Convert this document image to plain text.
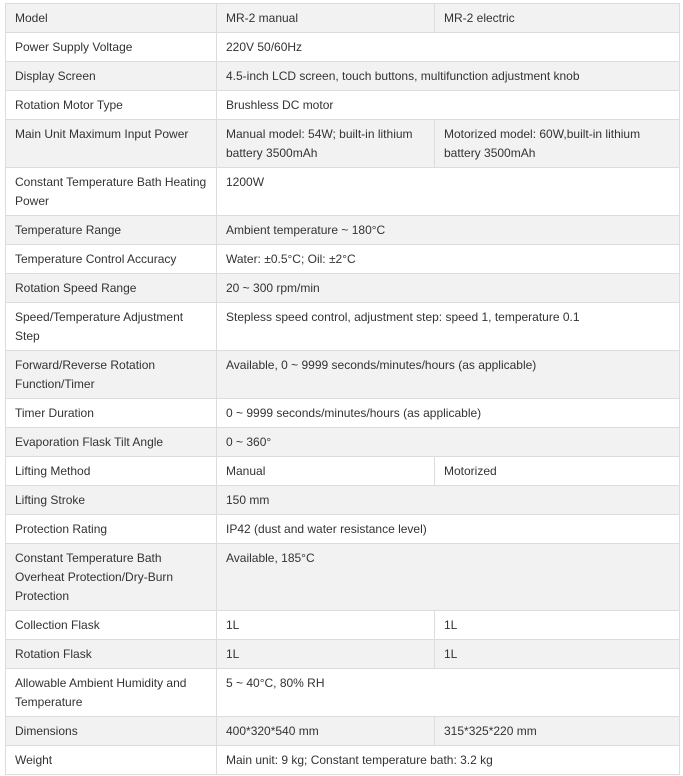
Model	MR-2 manual	MR-2 electric
Power Supply Voltage	220V 50/60Hz	
Display Screen	4.5-inch LCD screen, touch buttons, multifunction adjustment knob	
Rotation Motor Type	Brushless DC motor	
Main Unit Maximum Input Power	Manual model: 54W; built-in lithium battery 3500mAh	Motorized model: 60W,built-in lithium battery 3500mAh
Constant Temperature Bath Heating Power	1200W	
Temperature Range	Ambient temperature ~ 180°C	
Temperature Control Accuracy	Water: ±0.5°C; Oil: ±2°C	
Rotation Speed Range	20 ~ 300 rpm/min	
Speed/Temperature Adjustment Step	Stepless speed control, adjustment step: speed 1, temperature 0.1	
Forward/Reverse Rotation Function/Timer	Available, 0 ~ 9999 seconds/minutes/hours (as applicable)	
Timer Duration	0 ~ 9999 seconds/minutes/hours (as applicable)	
Evaporation Flask Tilt Angle	0 ~ 360°	
Lifting Method	Manual	Motorized
Lifting Stroke	150 mm	
Protection Rating	IP42 (dust and water resistance level)	
Constant Temperature Bath Overheat Protection/Dry-Burn Protection	Available, 185°C	
Collection Flask	1L	1L
Rotation Flask	1L	1L
Allowable Ambient Humidity and Temperature	5 ~ 40°C, 80% RH	
Dimensions	400*320*540 mm	315*325*220 mm
Weight	Main unit: 9 kg; Constant temperature bath: 3.2 kg	
